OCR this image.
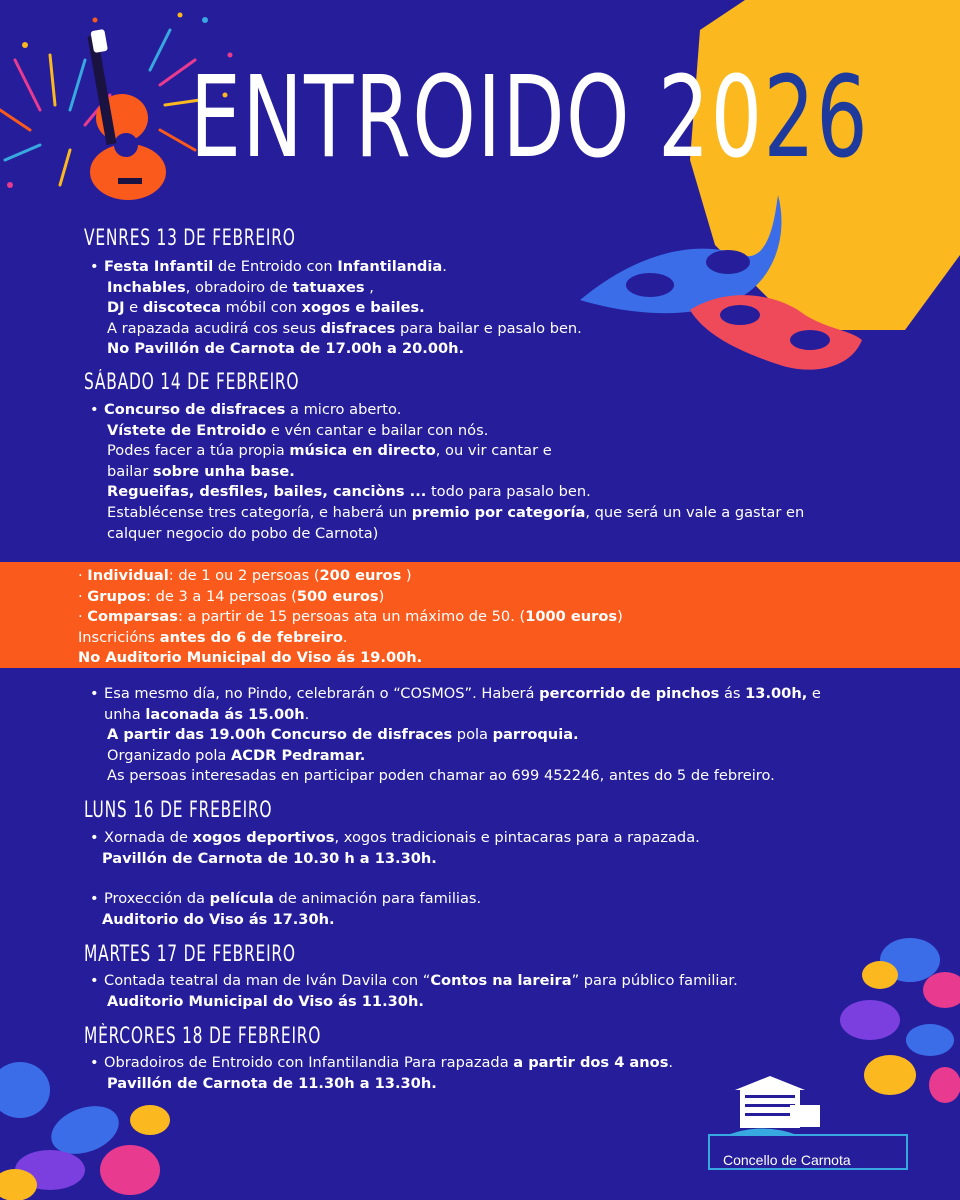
ENTROIDO 2026
VENRES 13 DE FEBREIRO
• Festa Infantil de Entroido con Infantilandia.
Inchables, obradoiro de tatuaxes ,
DJ e discoteca móbil con xogos e bailes.
A rapazada acudirá cos seus disfraces para bailar e pasalo ben.
No Pavillón de Carnota de 17.00h a 20.00h.
SÁBADO 14 DE FEBREIRO
• Concurso de disfraces a micro aberto.
Vístete de Entroido e vén cantar e bailar con nós.
Podes facer a túa propia música en directo, ou vir cantar e
bailar sobre unha base.
Regueifas, desfiles, bailes, canciòns ... todo para pasalo ben.
Establécense tres categoría, e haberá un premio por categoría, que será un vale a gastar en
calquer negocio do pobo de Carnota)
· Individual: de 1 ou 2 persoas (200 euros )
· Grupos: de 3 a 14 persoas (500 euros)
· Comparsas: a partir de 15 persoas ata un máximo de 50. (1000 euros)
Inscricións antes do 6 de febreiro.
No Auditorio Municipal do Viso ás 19.00h.
• Esa mesmo día, no Pindo, celebrarán o “COSMOS”. Haberá percorrido de pinchos ás 13.00h, e
unha laconada ás 15.00h.
A partir das 19.00h Concurso de disfraces pola parroquia.
Organizado pola ACDR Pedramar.
As persoas interesadas en participar poden chamar ao 699 452246, antes do 5 de febreiro.
LUNS 16 DE FREBEIRO
• Xornada de xogos deportivos, xogos tradicionais e pintacaras para a rapazada.
Pavillón de Carnota de 10.30 h a 13.30h.
• Proxección da película de animación para familias.
Auditorio do Viso ás 17.30h.
MARTES 17 DE FEBREIRO
• Contada teatral da man de Iván Davila con “Contos na lareira” para público familiar.
Auditorio Municipal do Viso ás 11.30h.
MÈRCORES 18 DE FEBREIRO
• Obradoiros de Entroido con Infantilandia Para rapazada a partir dos 4 anos.
Pavillón de Carnota de 11.30h a 13.30h.
Concello de Carnota
